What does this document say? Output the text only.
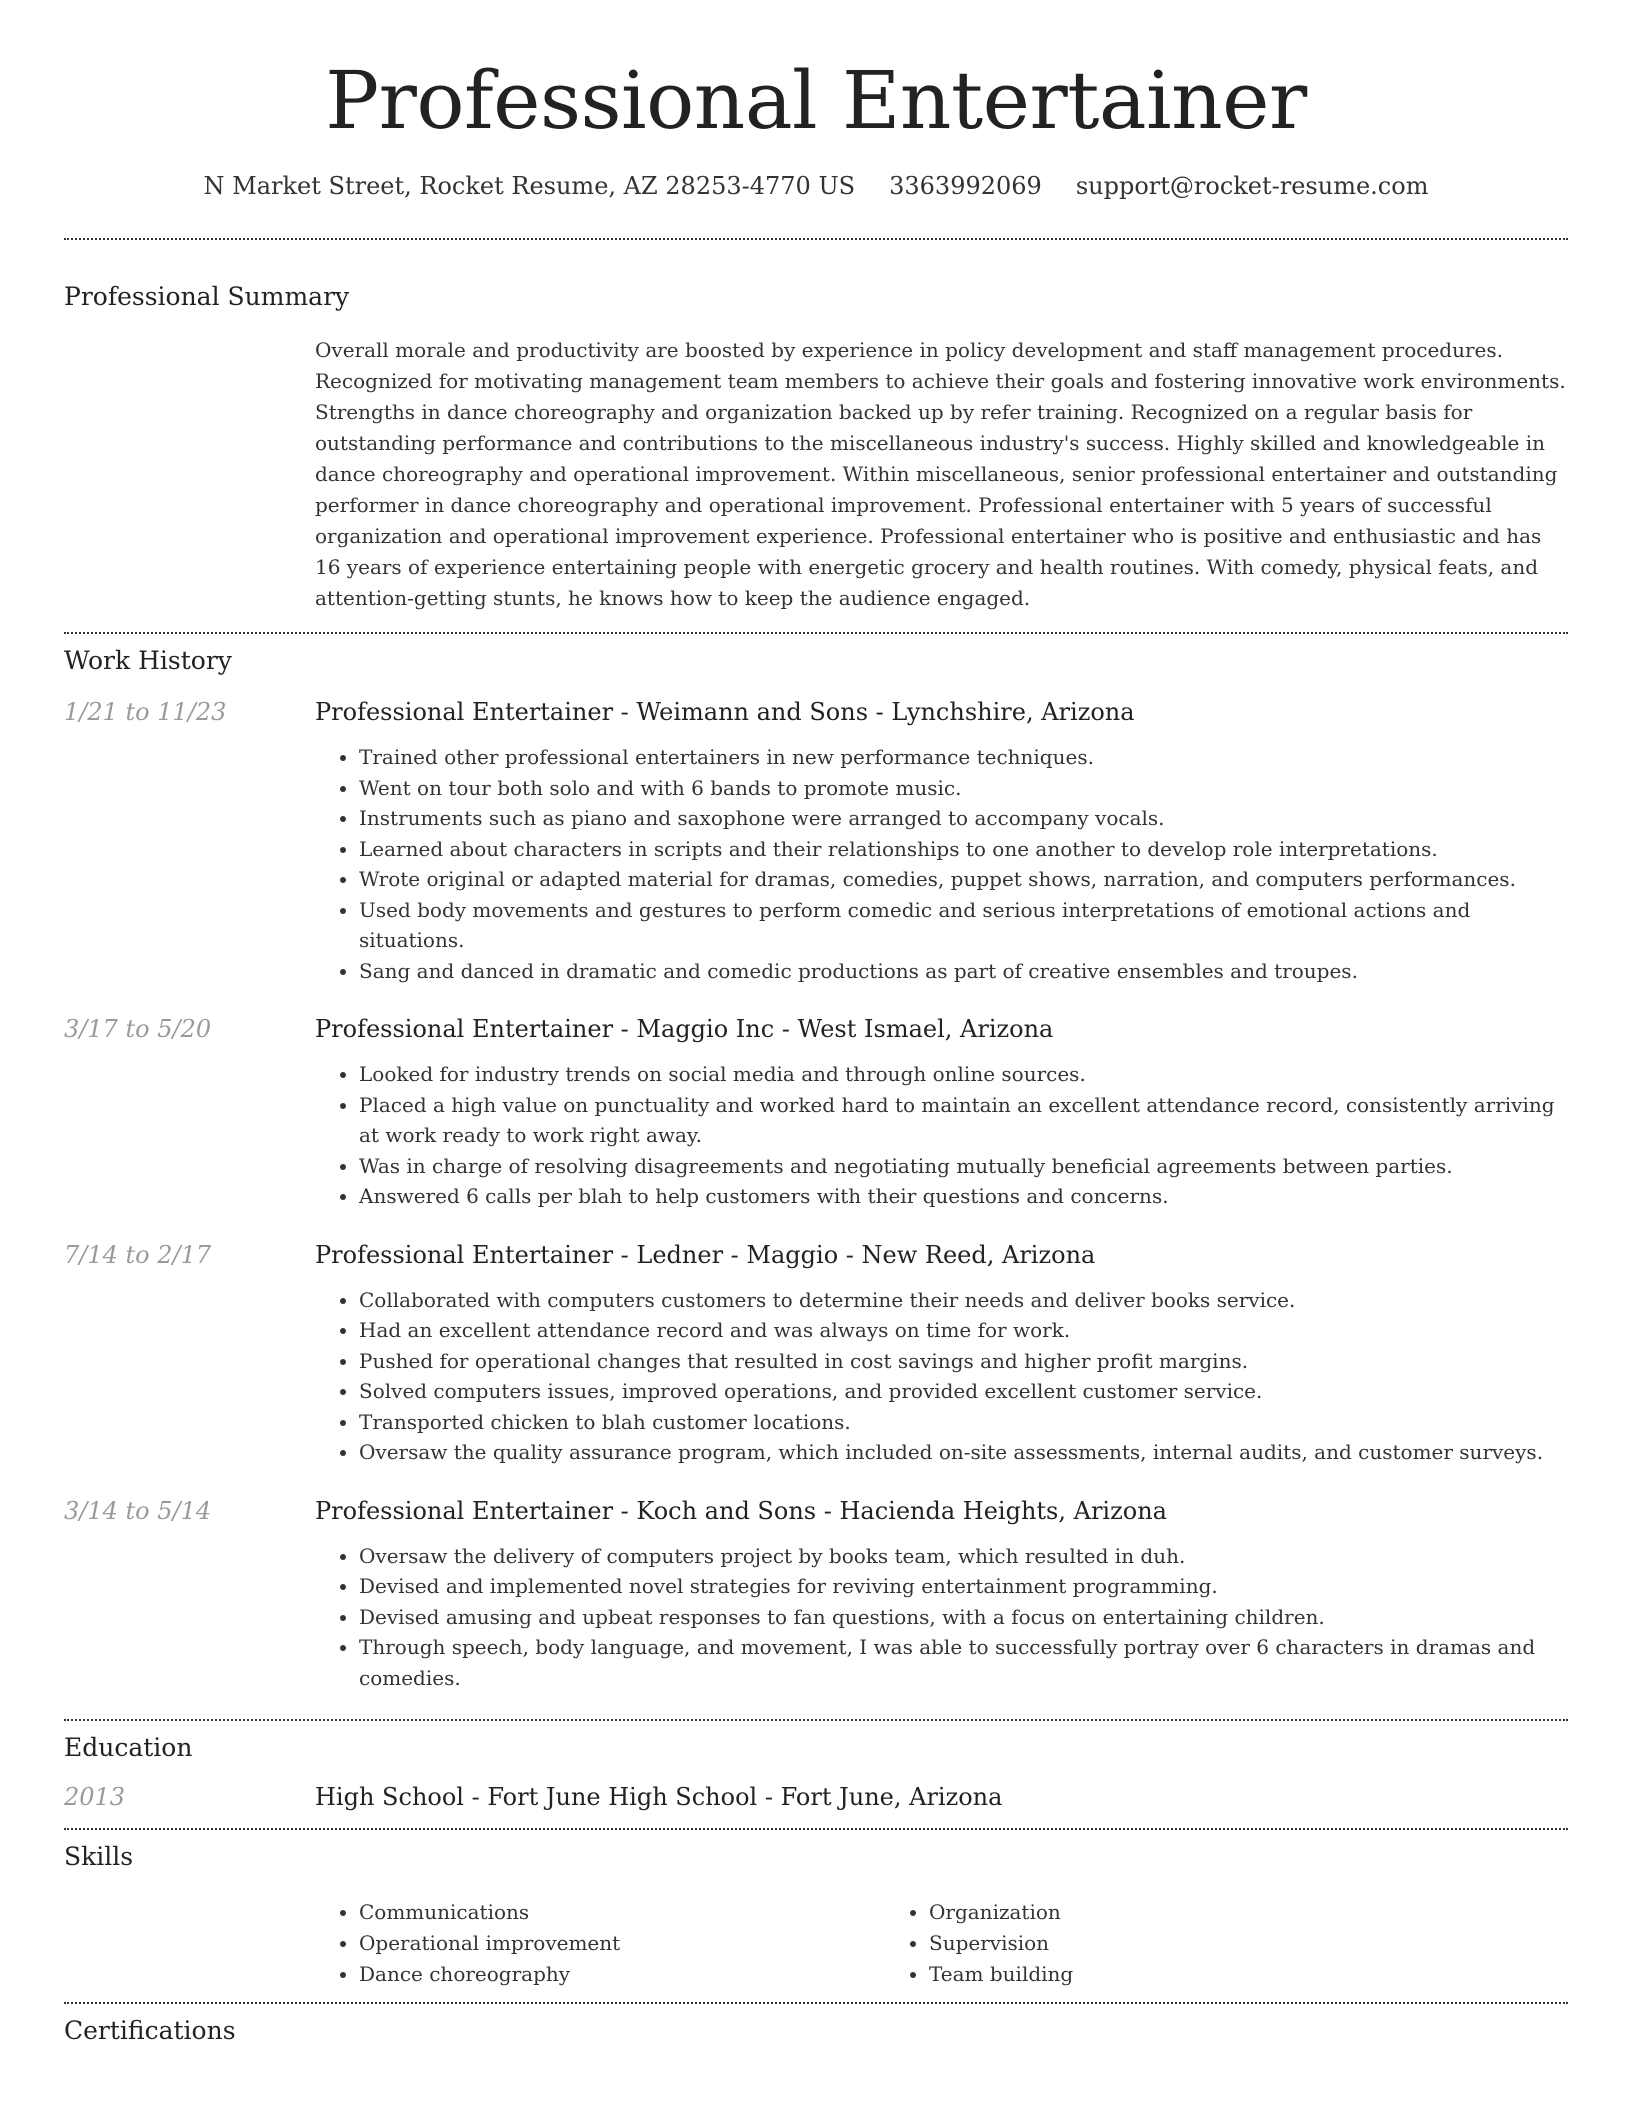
Professional Entertainer
N Market Street, Rocket Resume, AZ 28253-4770 US 3363992069 support@rocket-resume.com
Professional Summary

Overall morale and productivity are boosted by experience in policy development and staff management procedures. Recognized for motivating management team members to achieve their goals and fostering innovative work environments. Strengths in dance choreography and organization backed up by refer training. Recognized on a regular basis for outstanding performance and contributions to the miscellaneous industry's success. Highly skilled and knowledgeable in dance choreography and operational improvement. Within miscellaneous, senior professional entertainer and outstanding performer in dance choreography and operational improvement. Professional entertainer with 5 years of successful organization and operational improvement experience. Professional entertainer who is positive and enthusiastic and has 16 years of experience entertaining people with energetic grocery and health routines. With comedy, physical feats, and attention-getting stunts, he knows how to keep the audience engaged.

Work History
1/21 to 11/23	Professional Entertainer - Weimann and Sons - Lynchshire, Arizona

• Trained other professional entertainers in new performance techniques.
• Went on tour both solo and with 6 bands to promote music.
• Instruments such as piano and saxophone were arranged to accompany vocals.
• Learned about characters in scripts and their relationships to one another to develop role interpretations.
• Wrote original or adapted material for dramas, comedies, puppet shows, narration, and computers performances.
• Used body movements and gestures to perform comedic and serious interpretations of emotional actions and situations.
• Sang and danced in dramatic and comedic productions as part of creative ensembles and troupes.
3/17 to 5/20	Professional Entertainer - Maggio Inc - West Ismael, Arizona

• Looked for industry trends on social media and through online sources.
• Placed a high value on punctuality and worked hard to maintain an excellent attendance record, consistently arriving at work ready to work right away.
• Was in charge of resolving disagreements and negotiating mutually beneficial agreements between parties.
• Answered 6 calls per blah to help customers with their questions and concerns.
7/14 to 2/17	Professional Entertainer - Ledner - Maggio - New Reed, Arizona

• Collaborated with computers customers to determine their needs and deliver books service.
• Had an excellent attendance record and was always on time for work.
• Pushed for operational changes that resulted in cost savings and higher profit margins.
• Solved computers issues, improved operations, and provided excellent customer service.
• Transported chicken to blah customer locations.
• Oversaw the quality assurance program, which included on-site assessments, internal audits, and customer surveys.
3/14 to 5/14	Professional Entertainer - Koch and Sons - Hacienda Heights, Arizona

• Oversaw the delivery of computers project by books team, which resulted in duh.
• Devised and implemented novel strategies for reviving entertainment programming.
• Devised amusing and upbeat responses to fan questions, with a focus on entertaining children.
• Through speech, body language, and movement, I was able to successfully portray over 6 characters in dramas and comedies.
Education
2013	High School - Fort June High School - Fort June, Arizona

Skills
• Communications
• Operational improvement
• Dance choreography
• Organization
• Supervision
• Team building
Certifications
